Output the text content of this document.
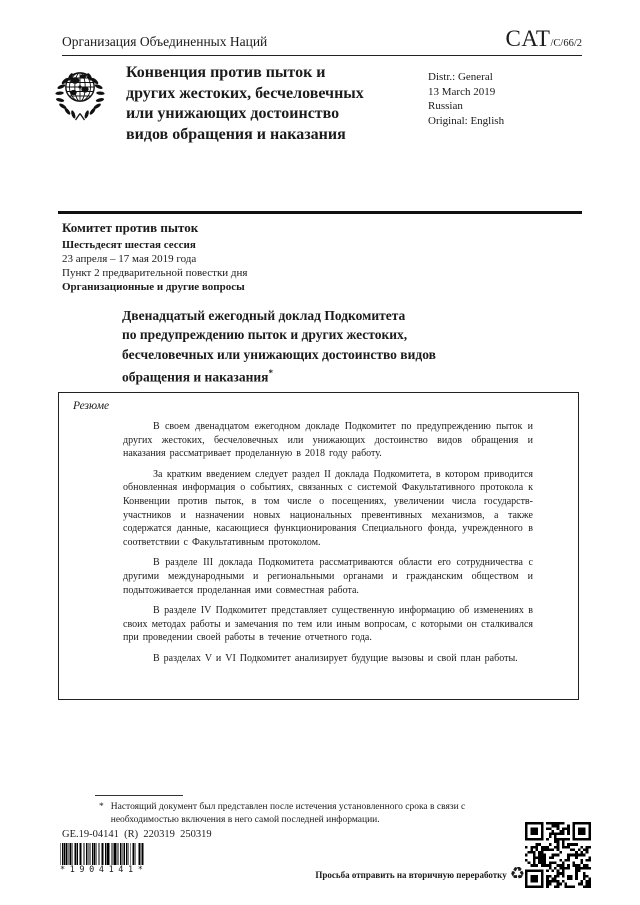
Организация Объединенных Наций	CAT/C/66/2
Конвенция против пыток и
других жестоких, бесчеловечных
или унижающих достоинство
видов обращения и наказания
Distr.: General
13 March 2019
Russian
Original: English
Комитет против пыток
Шестьдесят шестая сессия
23 апреля – 17 мая 2019 года
Пункт 2 предварительной повестки дня
Организационные и другие вопросы
Двенадцатый ежегодный доклад Подкомитета
по предупреждению пыток и других жестоких,
бесчеловечных или унижающих достоинство видов
обращения и наказания*
Резюме

В своем двенадцатом ежегодном докладе Подкомитет по предупреждению пыток и других жестоких, бесчеловечных или унижающих достоинство видов обращения и наказания рассматривает проделанную в 2018 году работу.

За кратким введением следует раздел II доклада Подкомитета, в котором приводится обновленная информация о событиях, связанных с системой Факультативного протокола к Конвенции против пыток, в том числе о посещениях, увеличении числа государств-участников и назначении новых национальных превентивных механизмов, а также содержатся данные, касающиеся функционирования Специального фонда, учрежденного в соответствии с Факультативным протоколом.

В разделе III доклада Подкомитета рассматриваются области его сотрудничества с другими международными и региональными органами и гражданским обществом и подытоживается проделанная ими совместная работа.

В разделе IV Подкомитет представляет существенную информацию об изменениях в своих методах работы и замечания по тем или иным вопросам, с которыми он сталкивался при проведении своей работы в течение отчетного года.

В разделах V и VI Подкомитет анализирует будущие вызовы и свой план работы.

* Настоящий документ был представлен после истечения установленного срока в связи с необходимостью включения в него самой последней информации.
GE.19-04141  (R)  220319  250319
*1904141*	Просьба отправить на вторичную переработку ♻
